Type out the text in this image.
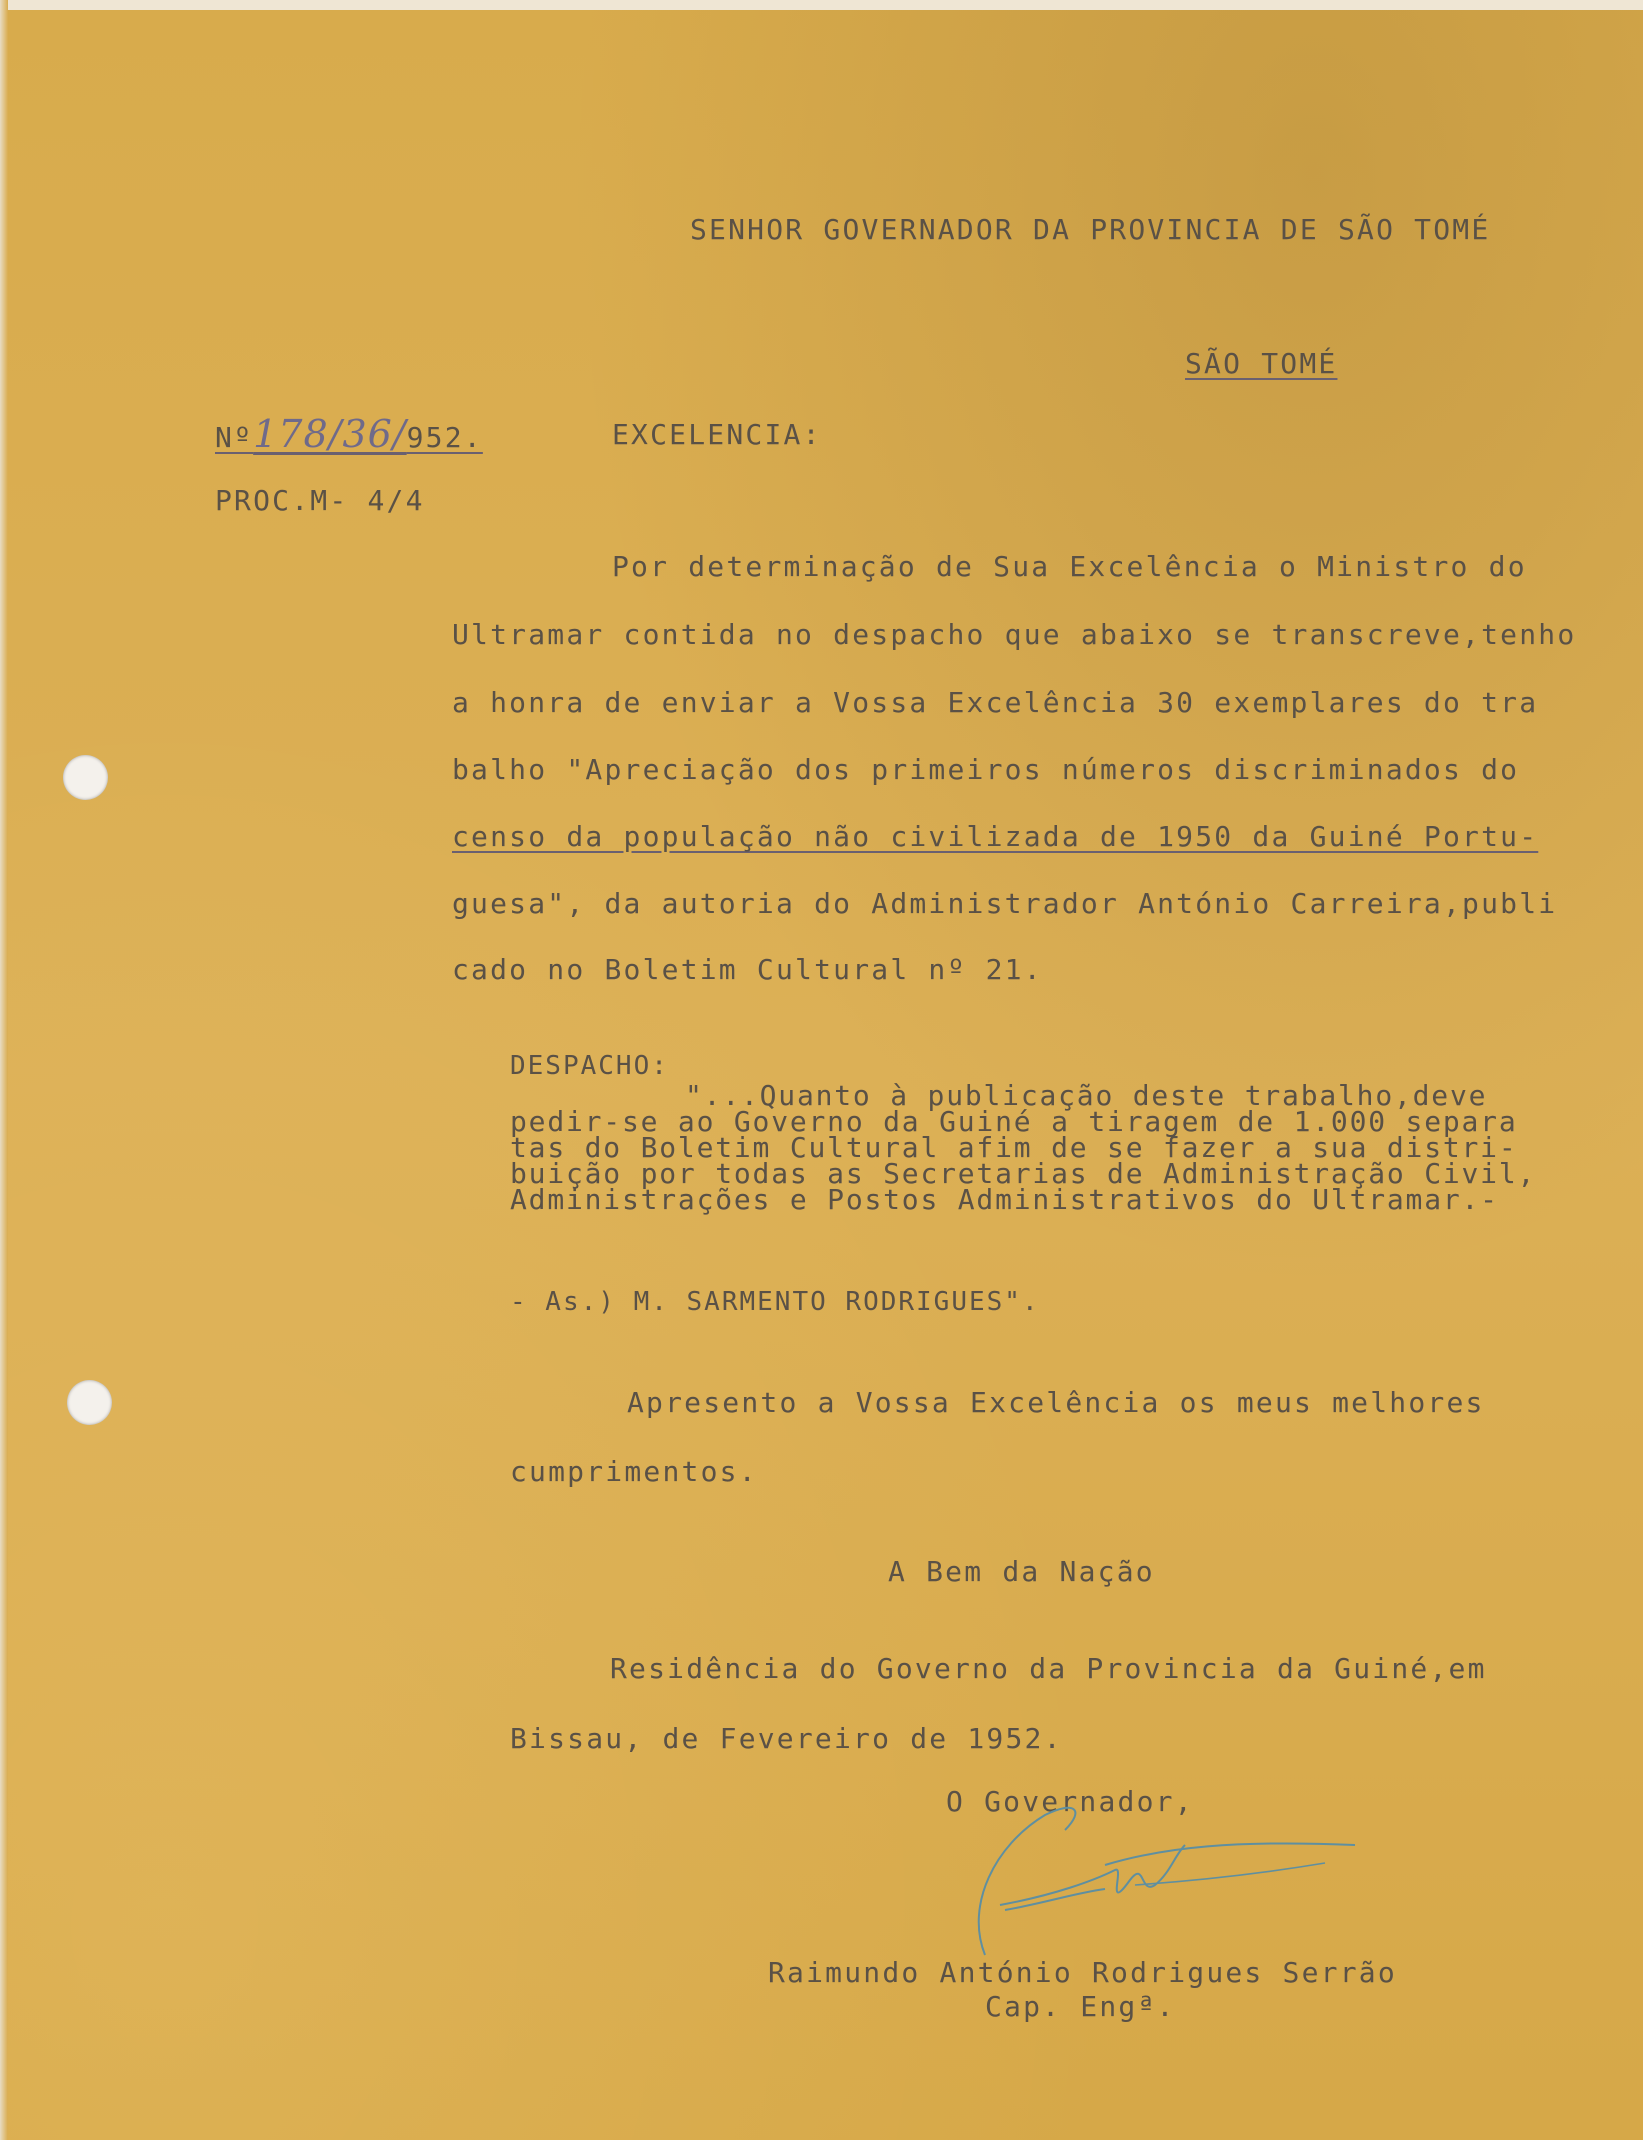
SENHOR GOVERNADOR DA PROVINCIA DE SÃO TOMÉ
SÃO TOMÉ
Nº178/36/952.	EXCELENCIA:
PROC.M- 4/4
Por determinação de Sua Excelência o Ministro do
Ultramar contida no despacho que abaixo se transcreve,tenho
a honra de enviar a Vossa Excelência 30 exemplares do tra
balho "Apreciação dos primeiros números discriminados do
censo da população não civilizada de 1950 da Guiné Portu-
guesa", da autoria do Administrador António Carreira,publi
cado no Boletim Cultural nº 21.
DESPACHO:
"...Quanto à publicação deste trabalho,deve
pedir-se ao Governo da Guiné a tiragem de 1.000 separa
tas do Boletim Cultural afim de se fazer a sua distri-
buição por todas as Secretarias de Administração Civil,
Administrações e Postos Administrativos do Ultramar.-
- As.) M. SARMENTO RODRIGUES".
Apresento a Vossa Excelência os meus melhores
cumprimentos.
A Bem da Nação
Residência do Governo da Provincia da Guiné,em
Bissau, de Fevereiro de 1952.
O Governador,
Raimundo António Rodrigues Serrão
Cap. Engª.
